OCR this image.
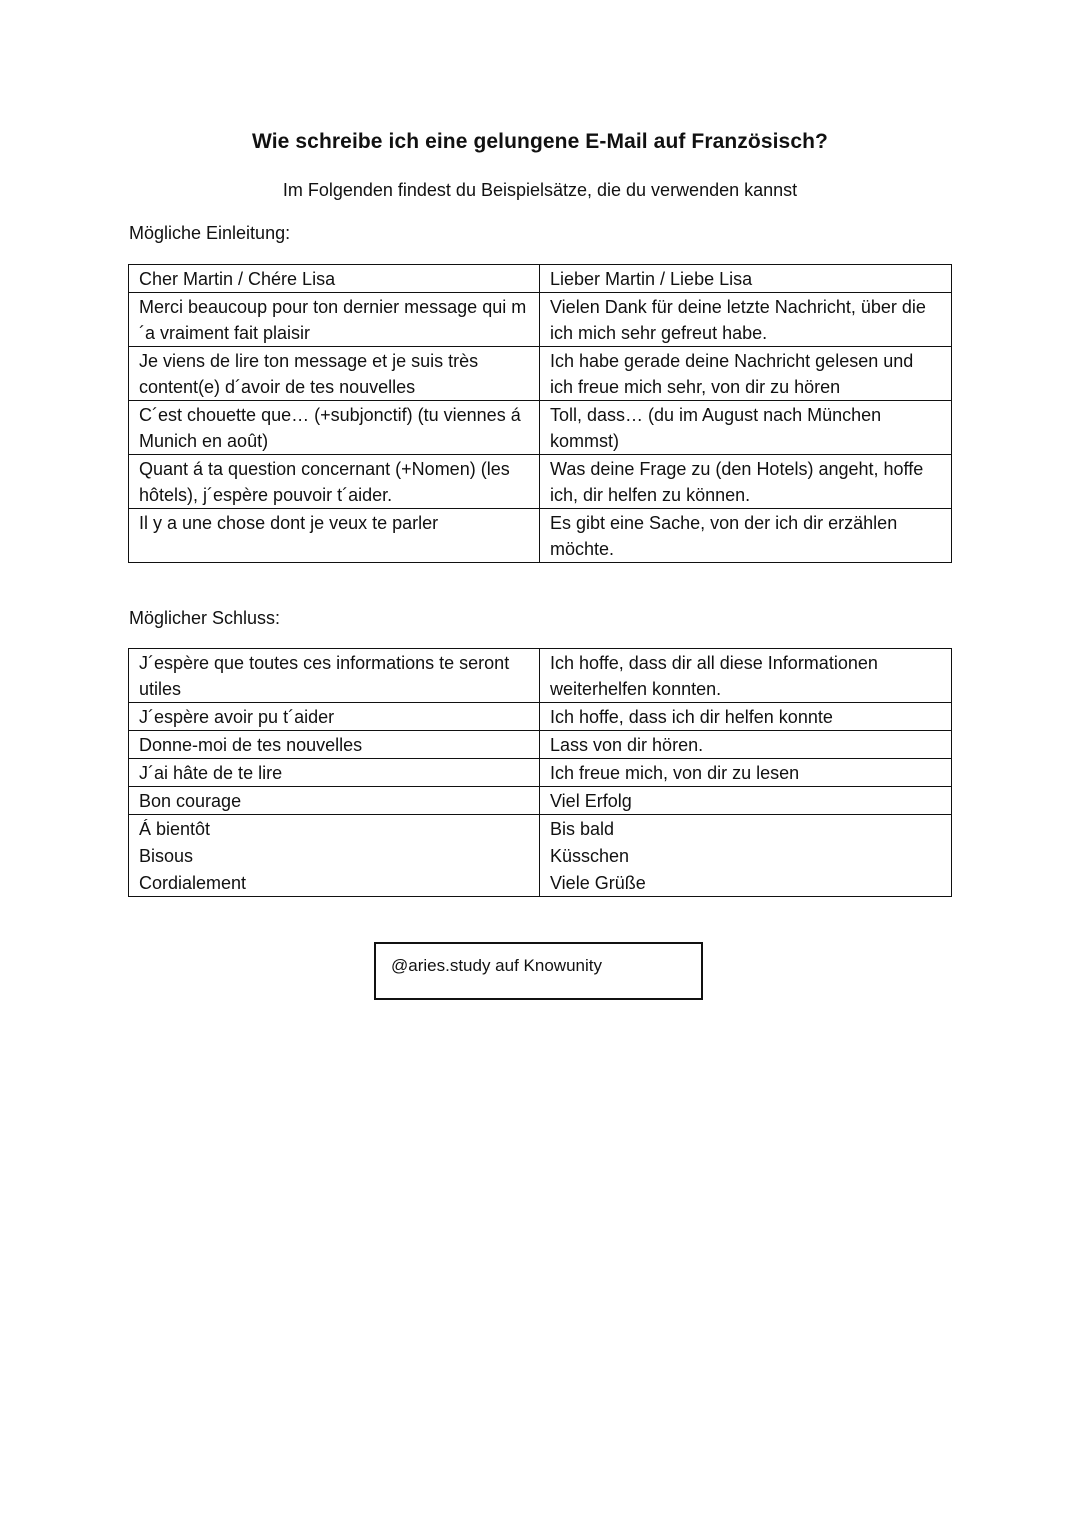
Wie schreibe ich eine gelungene E-Mail auf Französisch?
Im Folgenden findest du Beispielsätze, die du verwenden kannst
Mögliche Einleitung:
Cher Martin / Chére Lisa	Lieber Martin / Liebe Lisa
Merci beaucoup pour ton dernier message qui m´a vraiment fait plaisir	Vielen Dank für deine letzte Nachricht, über die ich mich sehr gefreut habe.
Je viens de lire ton message et je suis très content(e) d´avoir de tes nouvelles	Ich habe gerade deine Nachricht gelesen und ich freue mich sehr, von dir zu hören
C´est chouette que… (+subjonctif) (tu viennes á Munich en août)	Toll, dass… (du im August nach München kommst)
Quant á ta question concernant (+Nomen) (les hôtels), j´espère pouvoir t´aider.	Was deine Frage zu (den Hotels) angeht, hoffe ich, dir helfen zu können.
Il y a une chose dont je veux te parler	Es gibt eine Sache, von der ich dir erzählen möchte.
Möglicher Schluss:
J´espère que toutes ces informations te seront utiles	Ich hoffe, dass dir all diese Informationen weiterhelfen konnten.
J´espère avoir pu t´aider	Ich hoffe, dass ich dir helfen konnte
Donne-moi de tes nouvelles	Lass von dir hören.
J´ai hâte de te lire	Ich freue mich, von dir zu lesen
Bon courage	Viel Erfolg
Á bientôt	Bis bald
Bisous	Küsschen
Cordialement	Viele Grüße
@aries.study auf Knowunity
